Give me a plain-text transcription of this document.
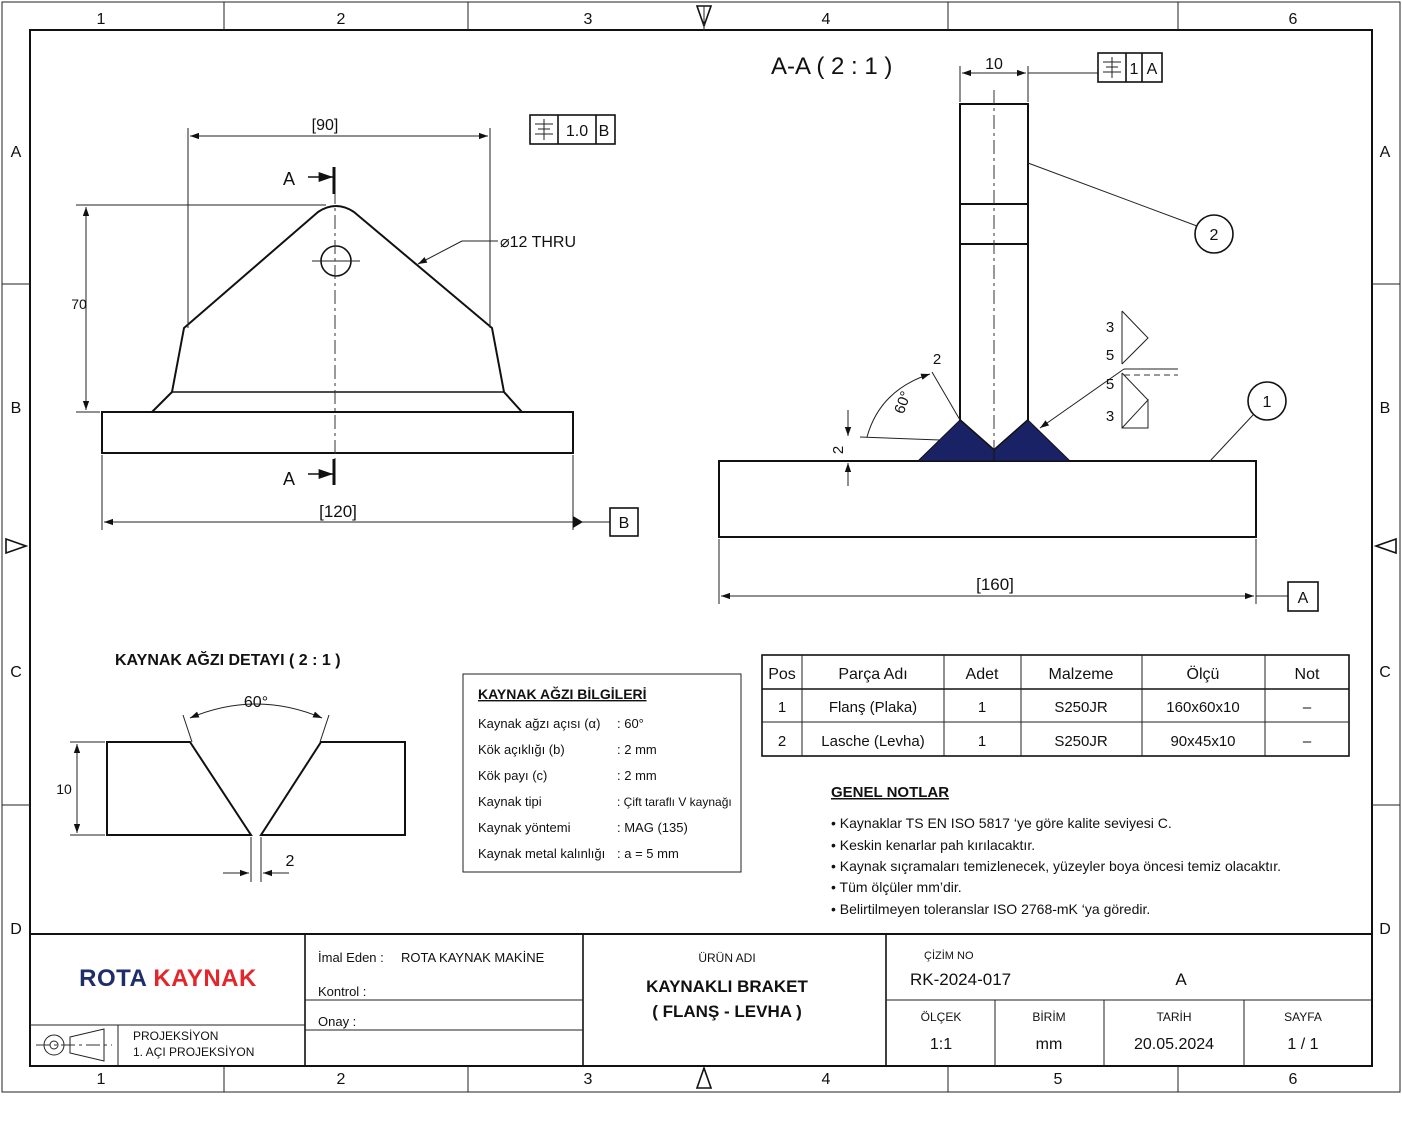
1	2	3	4	6
1	2	3	4	5	6
A
B
C
D
A
B
C
D
A
A
[90]
70
[120]
B
⌀12 THRU
1.0 B
A-A ( 2 : 1 )	10	1 A
[160]
A
2
1
60°
2
2
3
5
5
3
KAYNAK AĞZI DETAYI ( 2 : 1 )
60°
10
2
KAYNAK AĞZI BİLGİLERİ
Kaynak ağzı açısı (α) : 60°
Kök açıklığı (b)	: 2 mm
Kök payı (c)	: 2 mm
Kaynak tipi	: Çift taraflı V kaynağı
Kaynak yöntemi	: MAG (135)
Kaynak metal kalınlığı : a = 5 mm
Pos	Parça Adı	Adet	Malzeme	Ölçü	Not
1	Flanş (Plaka)	1	S250JR	160x60x10	–
2 Lasche (Levha)	1	S250JR	90x45x10	–
GENEL NOTLAR
• Kaynaklar TS EN ISO 5817 ‘ye göre kalite seviyesi C.
• Keskin kenarlar pah kırılacaktır.
• Kaynak sıçramaları temizlenecek, yüzeyler boya öncesi temiz olacaktır.
• Tüm ölçüler mm’dir.
• Belirtilmeyen toleranslar ISO 2768-mK ‘ya göredir.
ROTA KAYNAK
PROJEKSİYON
1. AÇI PROJEKSİYON
İmal Eden : ROTA KAYNAK MAKİNE
Kontrol :
Onay :
ÜRÜN ADI
KAYNAKLI BRAKET
( FLANŞ - LEVHA )
ÇİZİM NO
RK-2024-017	A
ÖLÇEK
1:1
BİRİM
mm
TARİH
20.05.2024
SAYFA
1 / 1
